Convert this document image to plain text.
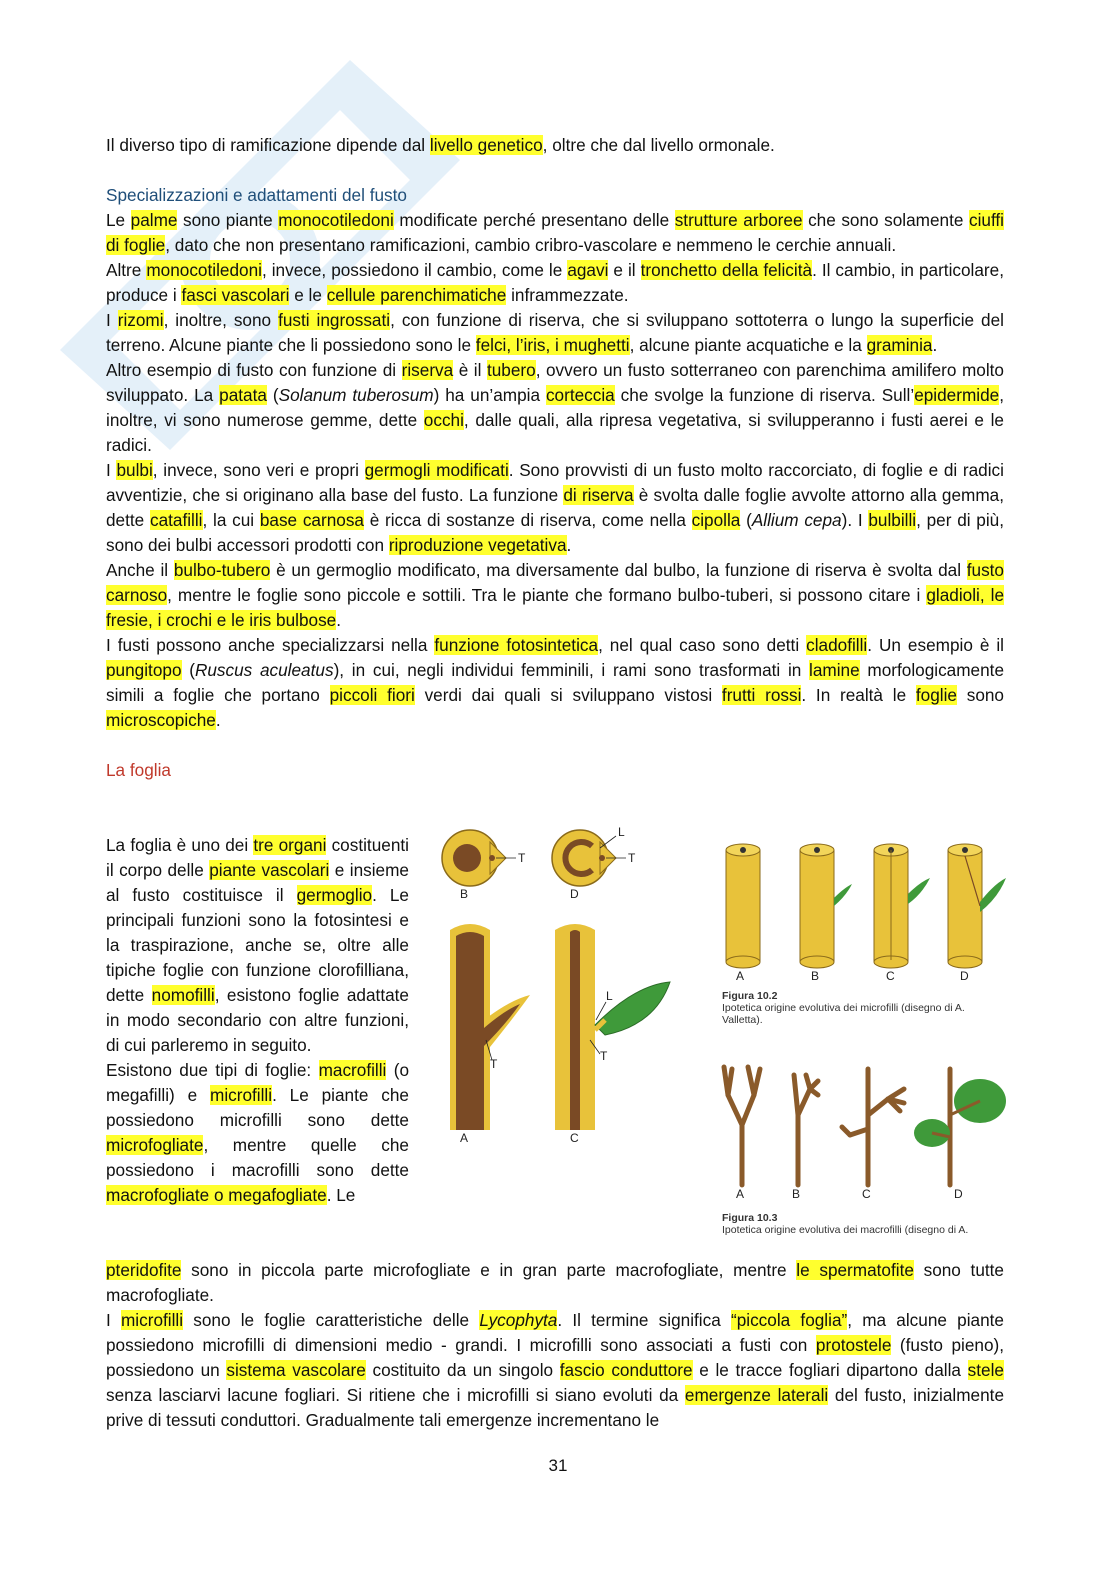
Il diverso tipo di ramificazione dipende dal livello genetico, oltre che dal livello ormonale.

Specializzazioni e adattamenti del fusto

Le palme sono piante monocotiledoni modificate perché presentano delle strutture arboree che sono solamente ciuffi di foglie, dato che non presentano ramificazioni, cambio cribro-vascolare e nemmeno le cerchie annuali.

Altre monocotiledoni, invece, possiedono il cambio, come le agavi e il tronchetto della felicità. Il cambio, in particolare, produce i fasci vascolari e le cellule parenchimatiche inframmezzate.

I rizomi, inoltre, sono fusti ingrossati, con funzione di riserva, che si sviluppano sottoterra o lungo la superficie del terreno. Alcune piante che li possiedono sono le felci, l’iris, i mughetti, alcune piante acquatiche e la graminia.

Altro esempio di fusto con funzione di riserva è il tubero, ovvero un fusto sotterraneo con parenchima amilifero molto sviluppato. La patata (Solanum tuberosum) ha un’ampia corteccia che svolge la funzione di riserva. Sull’epidermide, inoltre, vi sono numerose gemme, dette occhi, dalle quali, alla ripresa vegetativa, si svilupperanno i fusti aerei e le radici.

I bulbi, invece, sono veri e propri germogli modificati. Sono provvisti di un fusto molto raccorciato, di foglie e di radici avventizie, che si originano alla base del fusto. La funzione di riserva è svolta dalle foglie avvolte attorno alla gemma, dette catafilli, la cui base carnosa è ricca di sostanze di riserva, come nella cipolla (Allium cepa). I bulbilli, per di più, sono dei bulbi accessori prodotti con riproduzione vegetativa.

Anche il bulbo-tubero è un germoglio modificato, ma diversamente dal bulbo, la funzione di riserva è svolta dal fusto carnoso, mentre le foglie sono piccole e sottili. Tra le piante che formano bulbo-tuberi, si possono citare i gladioli, le fresie, i crochi e le iris bulbose.

I fusti possono anche specializzarsi nella funzione fotosintetica, nel qual caso sono detti cladofilli. Un esempio è il pungitopo (Ruscus aculeatus), in cui, negli individui femminili, i rami sono trasformati in lamine morfologicamente simili a foglie che portano piccoli fiori verdi dai quali si sviluppano vistosi frutti rossi. In realtà le foglie sono microscopiche.

La foglia

La foglia è uno dei tre organi costituenti il corpo delle piante vascolari e insieme al fusto costituisce il germoglio. Le principali funzioni sono la fotosintesi e la traspirazione, anche se, oltre alle tipiche foglie con funzione clorofilliana, dette nomofilli, esistono foglie adattate in modo secondario con altre funzioni, di cui parleremo in seguito.

Esistono due tipi di foglie: macrofilli (o megafilli) e microfilli. Le piante che possiedono microfilli sono dette microfogliate, mentre quelle che possiedono i macrofilli sono dette macrofogliate o megafogliate. Le

pteridofite sono in piccola parte microfogliate e in gran parte macrofogliate, mentre le spermatofite sono tutte macrofogliate.

I microfilli sono le foglie caratteristiche delle Lycophyta. Il termine significa “piccola foglia”, ma alcune piante possiedono microfilli di dimensioni medio - grandi. I microfilli sono associati a fusti con protostele (fusto pieno), possiedono un sistema vascolare costituito da un singolo fascio conduttore e le tracce fogliari dipartono dalla stele senza lasciarvi lacune fogliari. Si ritiene che i microfilli si siano evoluti da emergenze laterali del fusto, inizialmente prive di tessuti conduttori. Gradualmente tali emergenze incrementano le

T
B
L
T
D
T
A
L
T
C
A	B	C	D
Figura 10.2
Ipotetica origine evolutiva dei microfilli (disegno di A. Valletta).
A	B	C	D
Figura 10.3
Ipotetica origine evolutiva dei macrofilli (disegno di A.
31
